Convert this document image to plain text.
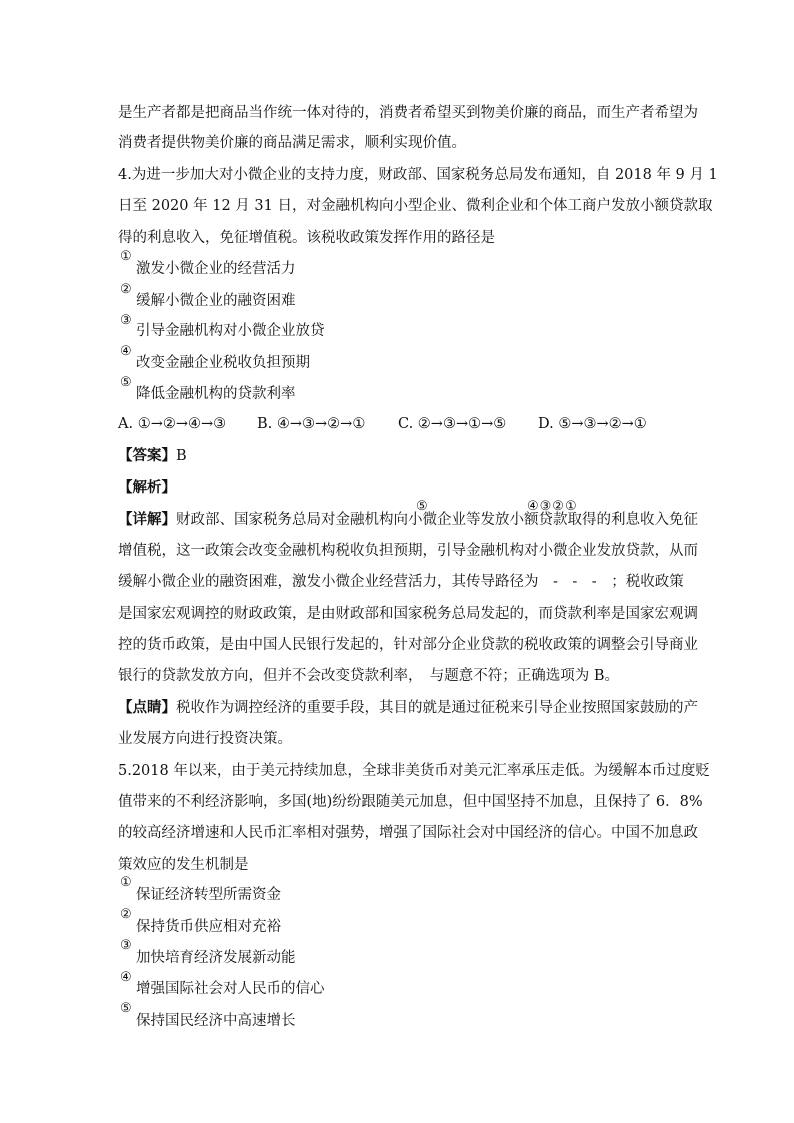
是生产者都是把商品当作统一体对待的，消费者希望买到物美价廉的商品，而生产者希望为
消费者提供物美价廉的商品满足需求，顺利实现价值。
4.为进一步加大对小微企业的支持力度，财政部、国家税务总局发布通知，自 2018 年 9 月 1
日至 2020 年 12 月 31 日，对金融机构向小型企业、微利企业和个体工商户发放小额贷款取
得的利息收入，免征增值税。该税收政策发挥作用的路径是
①
激发小微企业的经营活力
②
缓解小微企业的融资困难
③
引导金融机构对小微企业放贷
④
改变金融企业税收负担预期
⑤
降低金融机构的贷款利率
A. ①→②→④→③ B. ④→③→②→① C. ②→③→①→⑤ D. ⑤→③→②→①
【答案】B
【解析】
⑤	④③②①
【详解】财政部、国家税务总局对金融机构向小微企业等发放小额贷款取得的利息收入免征
增值税，这一政策会改变金融机构税收负担预期，引导金融机构对小微企业发放贷款，从而
缓解小微企业的融资困难，激发小微企业经营活力，其传导路径为　-　-　-　；税收政策
是国家宏观调控的财政政策，是由财政部和国家税务总局发起的，而贷款利率是国家宏观调
控的货币政策，是由中国人民银行发起的，针对部分企业贷款的税收政策的调整会引导商业
银行的贷款发放方向，但并不会改变贷款利率，　与题意不符；正确选项为 B。
【点睛】税收作为调控经济的重要手段，其目的就是通过征税来引导企业按照国家鼓励的产
业发展方向进行投资决策。
5.2018 年以来，由于美元持续加息，全球非美货币对美元汇率承压走低。为缓解本币过度贬
值带来的不利经济影响，多国(地)纷纷跟随美元加息，但中国坚持不加息，且保持了 6．8%
的较高经济增速和人民币汇率相对强势，增强了国际社会对中国经济的信心。中国不加息政
策效应的发生机制是
①
保证经济转型所需资金
②
保持货币供应相对充裕
③
加快培育经济发展新动能
④
增强国际社会对人民币的信心
⑤
保持国民经济中高速增长
